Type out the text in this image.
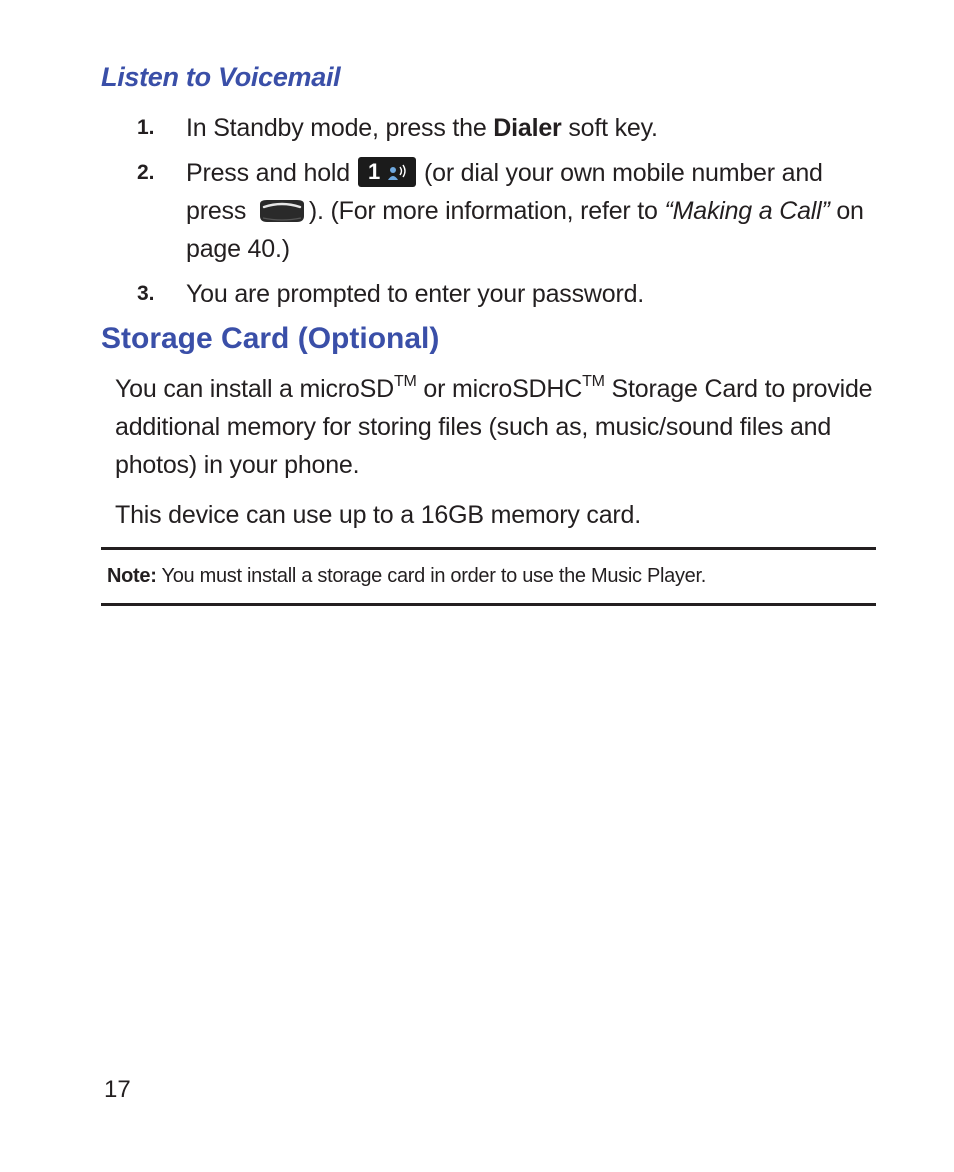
Listen to Voicemail
1. In Standby mode, press the Dialer soft key.
2. Press and hold 1 (or dial your own mobile number and press	). (For more information, refer to “Making a Call” on page 40.)
3. You are prompted to enter your password.
Storage Card (Optional)

You can install a microSD™ or microSDHC™ Storage Card to provide additional memory for storing files (such as, music/sound files and photos) in your phone.

This device can use up to a 16GB memory card.

Note: You must install a storage card in order to use the Music Player.
17
